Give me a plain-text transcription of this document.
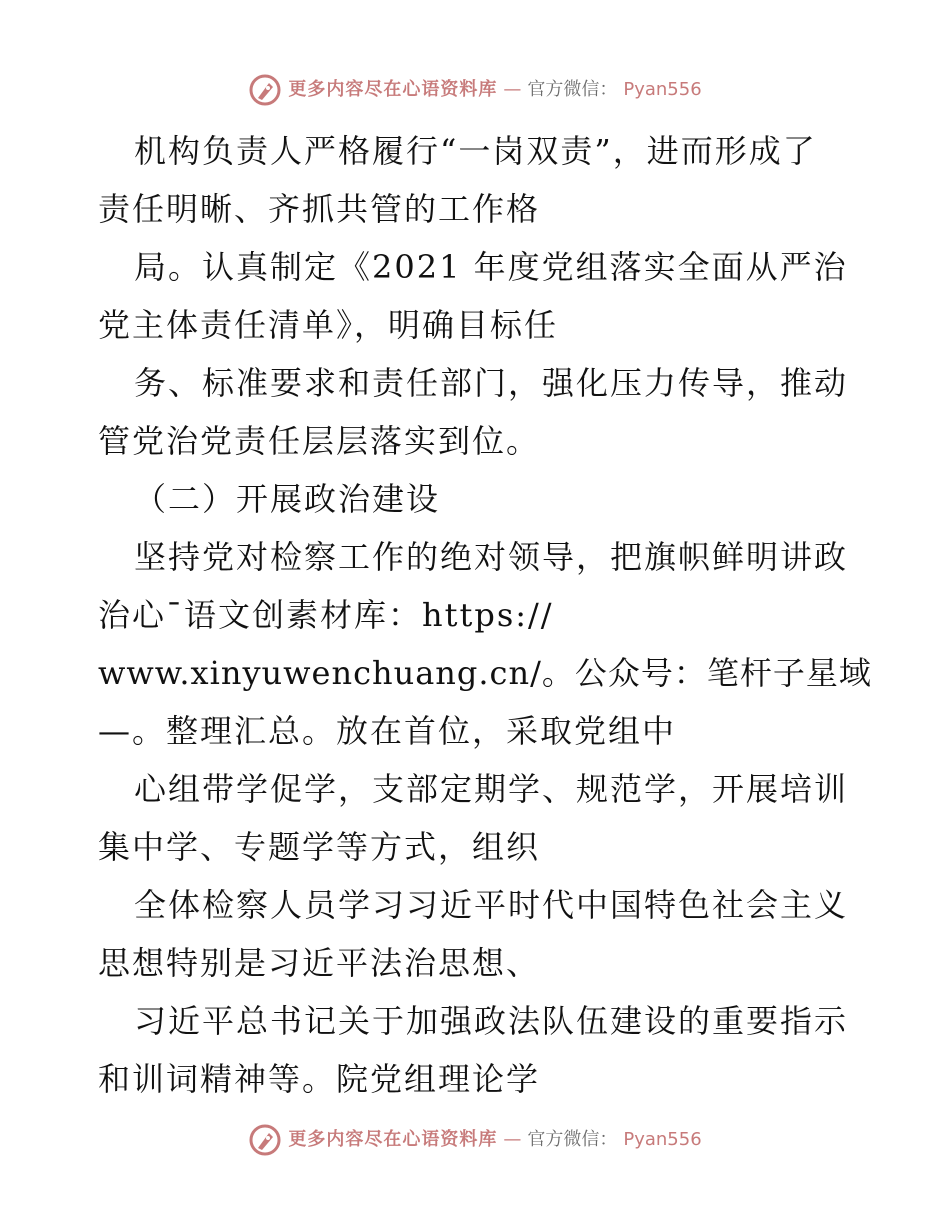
更多内容尽在心语资料库 — 官方微信： Pyan556
机构负责人严格履行“一岗双责”，进而形成了
责任明晰、齐抓共管的工作格
局。认真制定《2021 年度党组落实全面从严治
党主体责任清单》，明确目标任
务、标准要求和责任部门，强化压力传导，推动
管党治党责任层层落实到位。
（二）开展政治建设
坚持党对检察工作的绝对领导，把旗帜鲜明讲政
治心¯语文创素材库：https://
www.xinyuwenchuang.cn/。公众号：笔杆子星域
—。整理汇总。放在首位，采取党组中
心组带学促学，支部定期学、规范学，开展培训
集中学、专题学等方式，组织
全体检察人员学习习近平时代中国特色社会主义
思想特别是习近平法治思想、
习近平总书记关于加强政法队伍建设的重要指示
和训词精神等。院党组理论学
更多内容尽在心语资料库 — 官方微信： Pyan556
